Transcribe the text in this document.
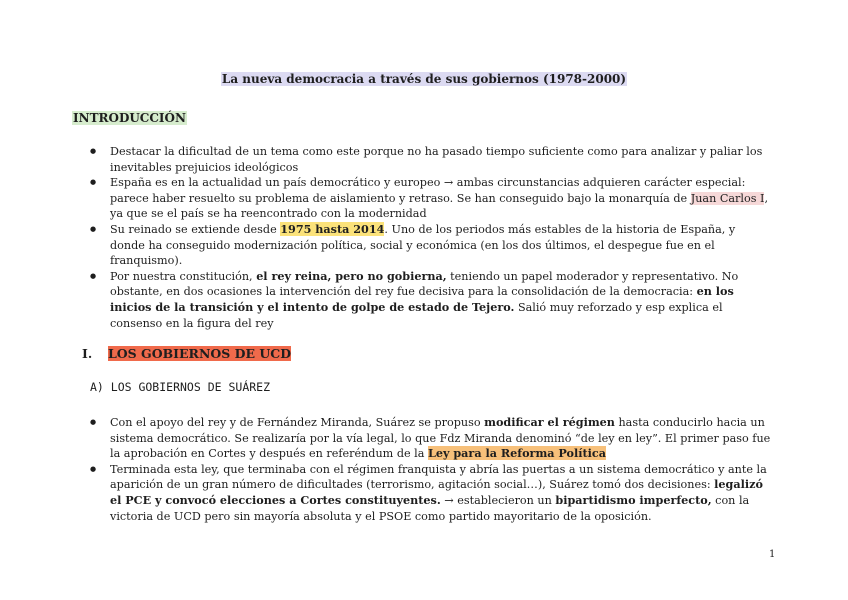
La nueva democracia a través de sus gobiernos (1978-2000)
INTRODUCCIÓN
● Destacar la dificultad de un tema como este porque no ha pasado tiempo suficiente como para analizar y paliar los inevitables prejuicios ideológicos
● España es en la actualidad un país democrático y europeo → ambas circunstancias adquieren carácter especial: parece haber resuelto su problema de aislamiento y retraso. Se han conseguido bajo la monarquía de Juan Carlos I, ya que se el país se ha reencontrado con la modernidad
● Su reinado se extiende desde 1975 hasta 2014. Uno de los periodos más estables de la historia de España, y donde ha conseguido modernización política, social y económica (en los dos últimos, el despegue fue en el franquismo).
● Por nuestra constitución, el rey reina, pero no gobierna, teniendo un papel moderador y representativo. No obstante, en dos ocasiones la intervención del rey fue decisiva para la consolidación de la democracia: en los inicios de la transición y el intento de golpe de estado de Tejero. Salió muy reforzado y esp explica el consenso en la figura del rey
I. LOS GOBIERNOS DE UCD
A) LOS GOBIERNOS DE SUÁREZ
● Con el apoyo del rey y de Fernández Miranda, Suárez se propuso modificar el régimen hasta conducirlo hacia un sistema democrático. Se realizaría por la vía legal, lo que Fdz Miranda denominó “de ley en ley”. El primer paso fue la aprobación en Cortes y después en referéndum de la Ley para la Reforma Política
● Terminada esta ley, que terminaba con el régimen franquista y abría las puertas a un sistema democrático y ante la aparición de un gran número de dificultades (terrorismo, agitación social…), Suárez tomó dos decisiones: legalizó el PCE y convocó elecciones a Cortes constituyentes. → establecieron un bipartidismo imperfecto, con la victoria de UCD pero sin mayoría absoluta y el PSOE como partido mayoritario de la oposición.
1
